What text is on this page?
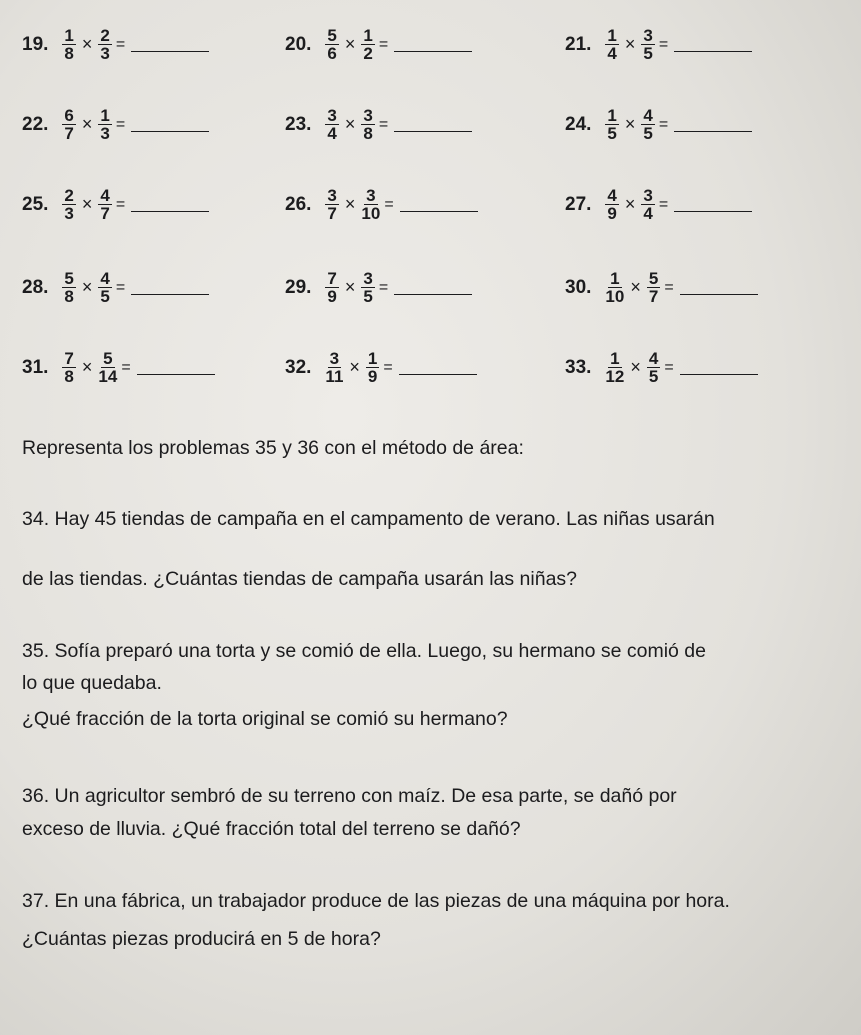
19. $\frac{1}{8} \times \frac{2}{3}$ =	20. $\frac{5}{6} \times \frac{1}{2}$ =	21. $\frac{1}{4} \times \frac{3}{5}$ =
22. $\frac{6}{7} \times \frac{1}{3}$ =	23. $\frac{3}{4} \times \frac{3}{8}$ =	24. $\frac{1}{5} \times \frac{4}{5}$ =
25. $\frac{2}{3} \times \frac{4}{7}$ =	26. $\frac{3}{7} \times \frac{3}{10}$ =	27. $\frac{4}{9} \times \frac{3}{4}$ =
28. $\frac{5}{8} \times \frac{4}{5}$ =	29. $\frac{7}{9} \times \frac{3}{5}$ =	30. $\frac{1}{10} \times \frac{5}{7}$ =
31. $\frac{7}{8} \times \frac{5}{14}$ =	32. $\frac{3}{11} \times \frac{1}{9}$ =	33. $\frac{1}{12} \times \frac{4}{5}$ =
Representa los problemas 35 y 36 con el método de área:
34. Hay 45 tiendas de campaña en el campamento de verano. Las niñas usarán
de las tiendas. ¿Cuántas tiendas de campaña usarán las niñas?
35. Sofía preparó una torta y se comió de ella. Luego, su hermano se comió de
lo que quedaba.
¿Qué fracción de la torta original se comió su hermano?
36. Un agricultor sembró de su terreno con maíz. De esa parte, se dañó por
exceso de lluvia. ¿Qué fracción total del terreno se dañó?
37. En una fábrica, un trabajador produce de las piezas de una máquina por hora.
¿Cuántas piezas producirá en 5 de hora?
